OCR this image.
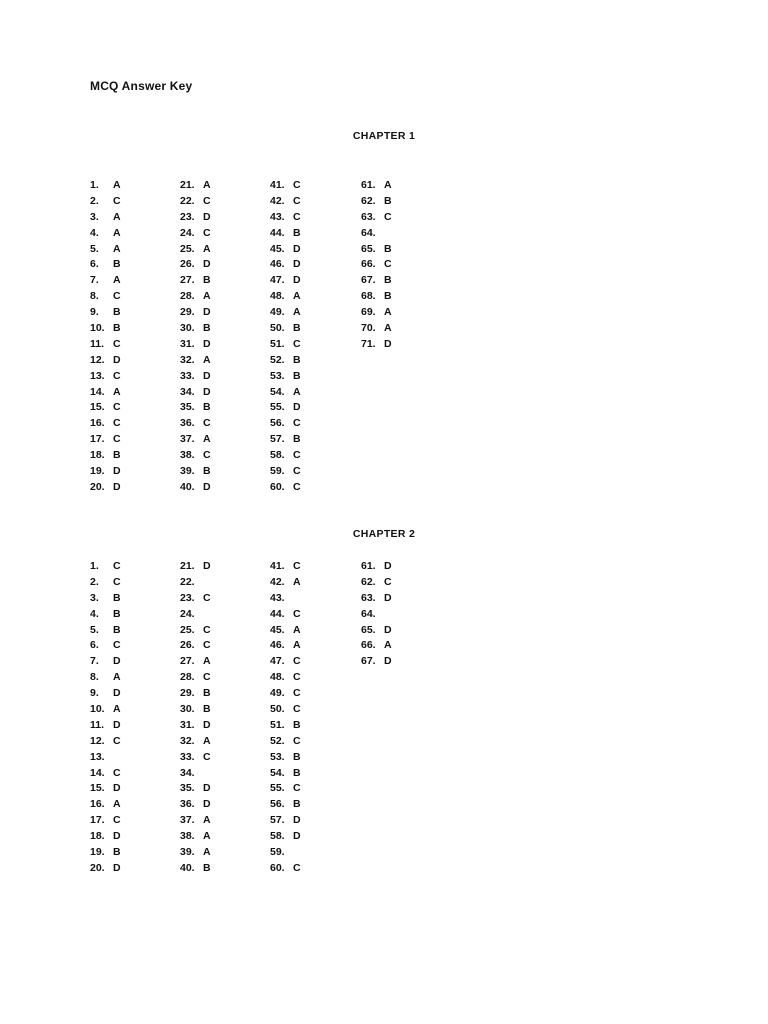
MCQ Answer Key
CHAPTER 1
1. A
2. C
3. A
4. A
5. A
6. B
7. A
8. C
9. B
10. B
11. C
12. D
13. C
14. A
15. C
16. C
17. C
18. B
19. D
20. D
21. A
22. C
23. D
24. C
25. A
26. D
27. B
28. A
29. D
30. B
31. D
32. A
33. D
34. D
35. B
36. C
37. A
38. C
39. B
40. D
41. C
42. C
43. C
44. B
45. D
46. D
47. D
48. A
49. A
50. B
51. C
52. B
53. B
54. A
55. D
56. C
57. B
58. C
59. C
60. C
61. A
62. B
63. C
64.
65. B
66. C
67. B
68. B
69. A
70. A
71. D
CHAPTER 2
1. C
2. C
3. B
4. B
5. B
6. C
7. D
8. A
9. D
10. A
11. D
12. C
13.
14. C
15. D
16. A
17. C
18. D
19. B
20. D
21. D
22.
23. C
24.
25. C
26. C
27. A
28. C
29. B
30. B
31. D
32. A
33. C
34.
35. D
36. D
37. A
38. A
39. A
40. B
41. C
42. A
43.
44. C
45. A
46. A
47. C
48. C
49. C
50. C
51. B
52. C
53. B
54. B
55. C
56. B
57. D
58. D
59.
60. C
61. D
62. C
63. D
64.
65. D
66. A
67. D
